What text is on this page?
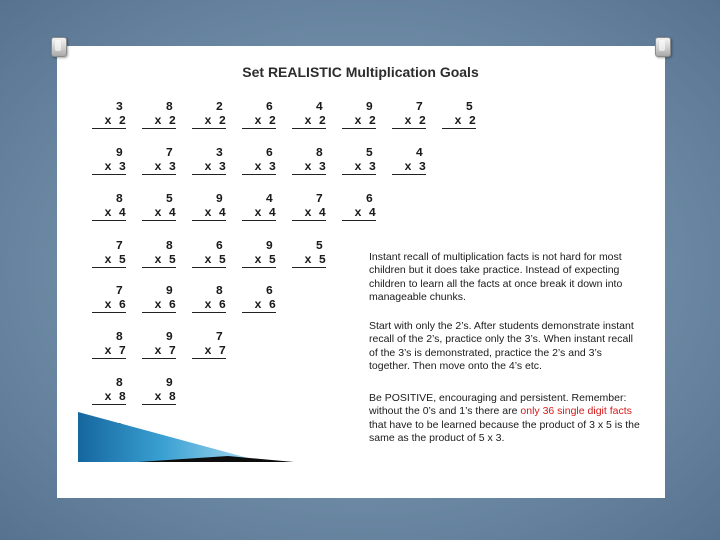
Set REALISTIC Multiplication Goals
3
x 2
8
x 2
2
x 2
6
x 2
4
x 2
9
x 2
7
x 2
5
x 2
9
x 3
7
x 3
3
x 3
6
x 3
8
x 3
5
x 3
4
x 3
8
x 4
5
x 4
9
x 4
4
x 4
7
x 4
6
x 4
7
x 5
8
x 5
6
x 5
9
x 5
5
x 5
7
x 6
9
x 6
8
x 6
6
x 6
8
x 7
9
x 7
7
x 7
8
x 8
9
x 8

Instant recall of multiplication facts is not hard for most children but it does take practice. Instead of expecting children to learn all the facts at once break it down into manageable chunks.

Start with only the 2’s. After students demonstrate instant recall of the 2’s, practice only the 3’s. When instant recall of the 3’s is demonstrated, practice the 2’s and 3’s together. Then move onto the 4’s etc.

Be POSITIVE, encouraging and persistent. Remember: without the 0’s and 1’s there are only 36 single digit facts that have to be learned because the product of 3 x 5 is the same as the product of 5 x 3.
